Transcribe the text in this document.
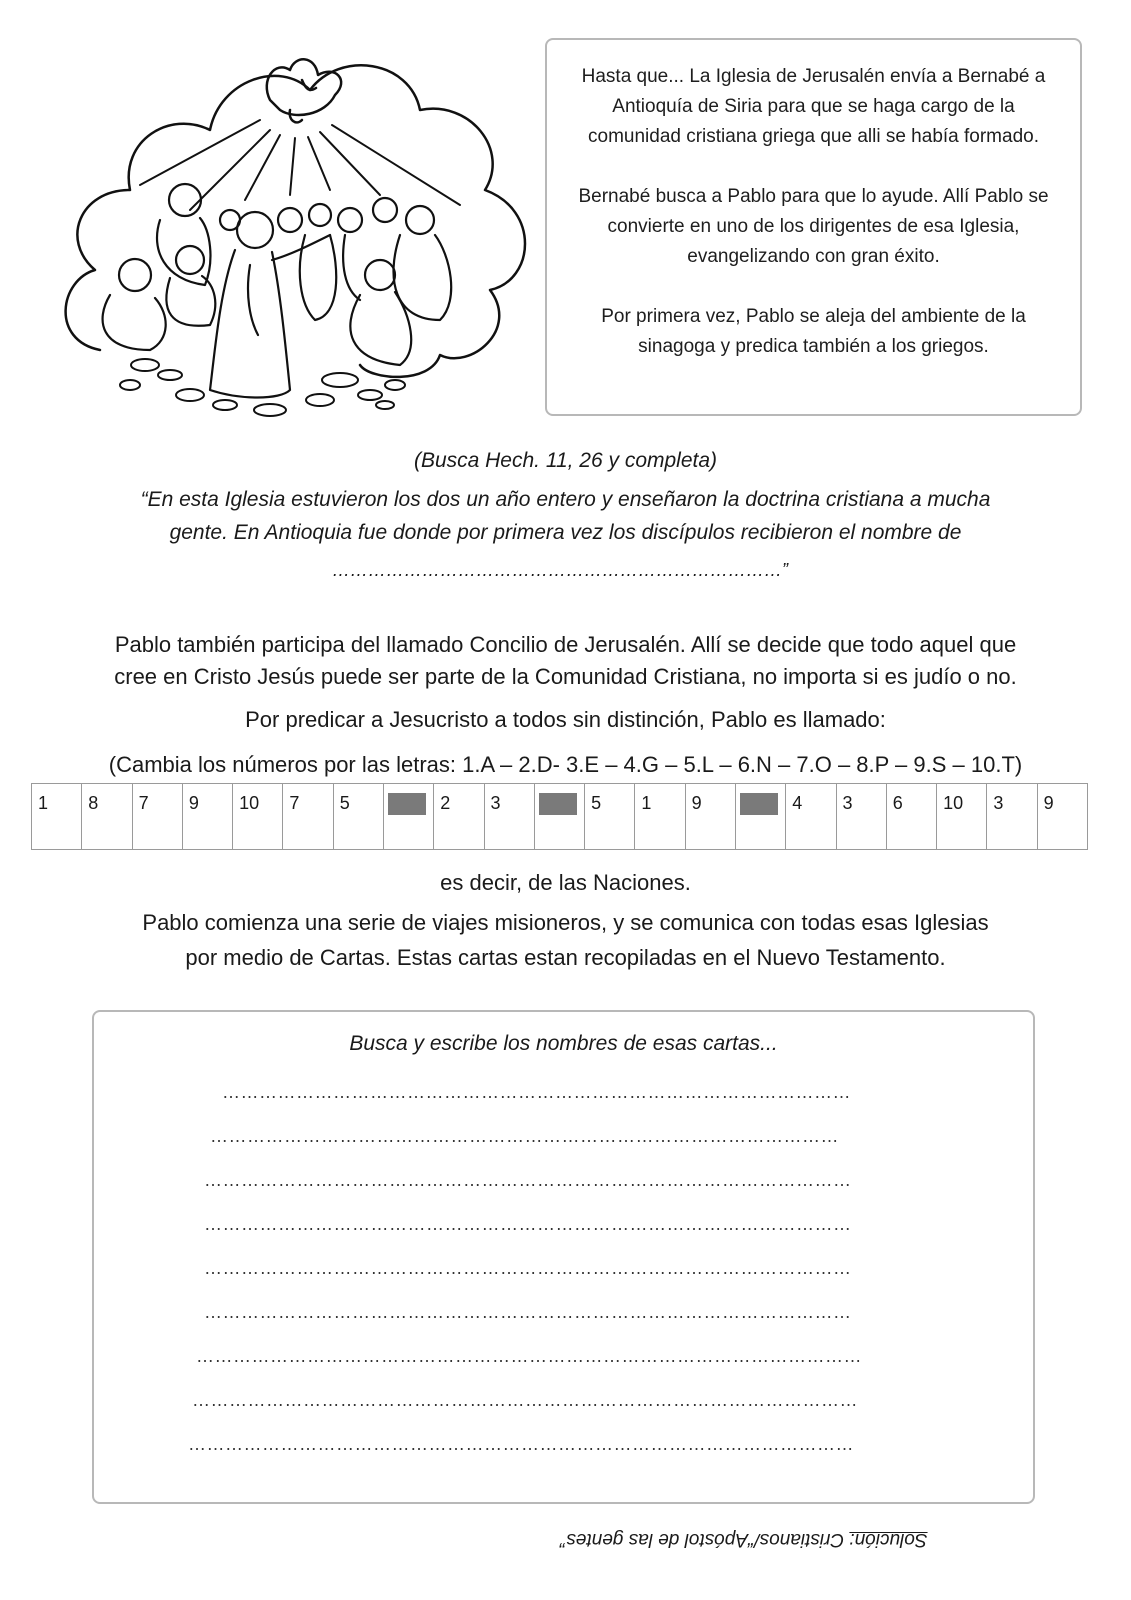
Hasta que... La Iglesia de Jerusalén envía a Bernabé a Antioquía de Siria para que se haga cargo de la comunidad cristiana griega que alli se había formado.

Bernabé busca a Pablo para que lo ayude. Allí Pablo se convierte en uno de los dirigentes de esa Iglesia, evangelizando con gran éxito.

Por primera vez, Pablo se aleja del ambiente de la sinagoga y predica también a los griegos.

(Busca Hech. 11, 26 y completa)
“En esta Iglesia estuvieron los dos un año entero y enseñaron la doctrina cristiana a mucha
gente. En Antioquia fue donde por primera vez los discípulos recibieron el nombre de
…………………………………………………………………”
Pablo también participa del llamado Concilio de Jerusalén. Allí se decide que todo aquel que
cree en Cristo Jesús puede ser parte de la Comunidad Cristiana, no importa si es judío o no.
Por predicar a Jesucristo a todos sin distinción, Pablo es llamado:
(Cambia los números por las letras: 1.A – 2.D- 3.E – 4.G – 5.L – 6.N – 7.O – 8.P – 9.S – 10.T)
1	8	7	9	10	7	5		2	3		5	1	9		4	3	6	10	3	9
es decir, de las Naciones.
Pablo comienza una serie de viajes misioneros, y se comunica con todas esas Iglesias
por medio de Cartas. Estas cartas estan recopiladas en el Nuevo Testamento.
Busca y escribe los nombres de esas cartas...
…………………………………………………………………………………………
…………………………………………………………………………………………
……………………………………………………………………………………………
……………………………………………………………………………………………
……………………………………………………………………………………………
……………………………………………………………………………………………
………………………………………………………………………………………………
………………………………………………………………………………………………
………………………………………………………………………………………………
Solución: Cristianos/“Apóstol de las gentes”
